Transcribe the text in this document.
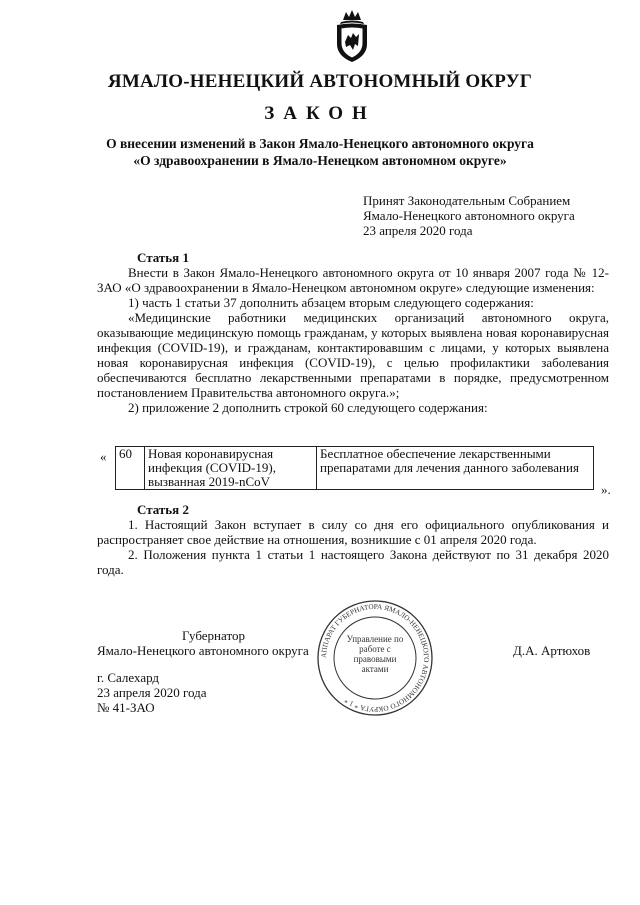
ЯМАЛО-НЕНЕЦКИЙ АВТОНОМНЫЙ ОКРУГ
ЗАКОН
О внесении изменений в Закон Ямало-Ненецкого автономного округа
«О здравоохранении в Ямало-Ненецком автономном округе»
Принят Законодательным Собранием
Ямало-Ненецкого автономного округа
23 апреля 2020 года

Статья 1

Внести в Закон Ямало-Ненецкого автономного округа от 10 января 2007 года № 12-ЗАО «О здравоохранении в Ямало-Ненецком автономном округе» следующие изменения:

1) часть 1 статьи 37 дополнить абзацем вторым следующего содержания:

«Медицинские работники медицинских организаций автономного округа, оказывающие медицинскую помощь гражданам, у которых выявлена новая коронавирусная инфекция (COVID-19), и гражданам, контактировавшим с лицами, у которых выявлена новая коронавирусная инфекция (COVID-19), с целью профилактики заболевания обеспечиваются бесплатно лекарственными препаратами в порядке, предусмотренном постановлением Правительства автономного округа.»;

2) приложение 2 дополнить строкой 60 следующего содержания:

« 60	Новая коронавирусная инфекция (COVID-19), вызванная 2019-nCoV	Бесплатное обеспечение лекарственными препаратами для лечения данного заболевания
».

Статья 2

1. Настоящий Закон вступает в силу со дня его официального опубликования и распространяет свое действие на отношения, возникшие с 01 апреля 2020 года.

2. Положения пункта 1 статьи 1 настоящего Закона действуют по 31 декабря 2020 года.

Губернатор
Ямало-Ненецкого автономного округа	Д.А. Артюхов
АППАРАТ ГУБЕРНАТОРА ЯМАЛО-НЕНЕЦКОГО АВТОНОМНОГО ОКРУГА * 1 *
Управление по работе с правовыми актами
г. Салехард
23 апреля 2020 года
№ 41-ЗАО
